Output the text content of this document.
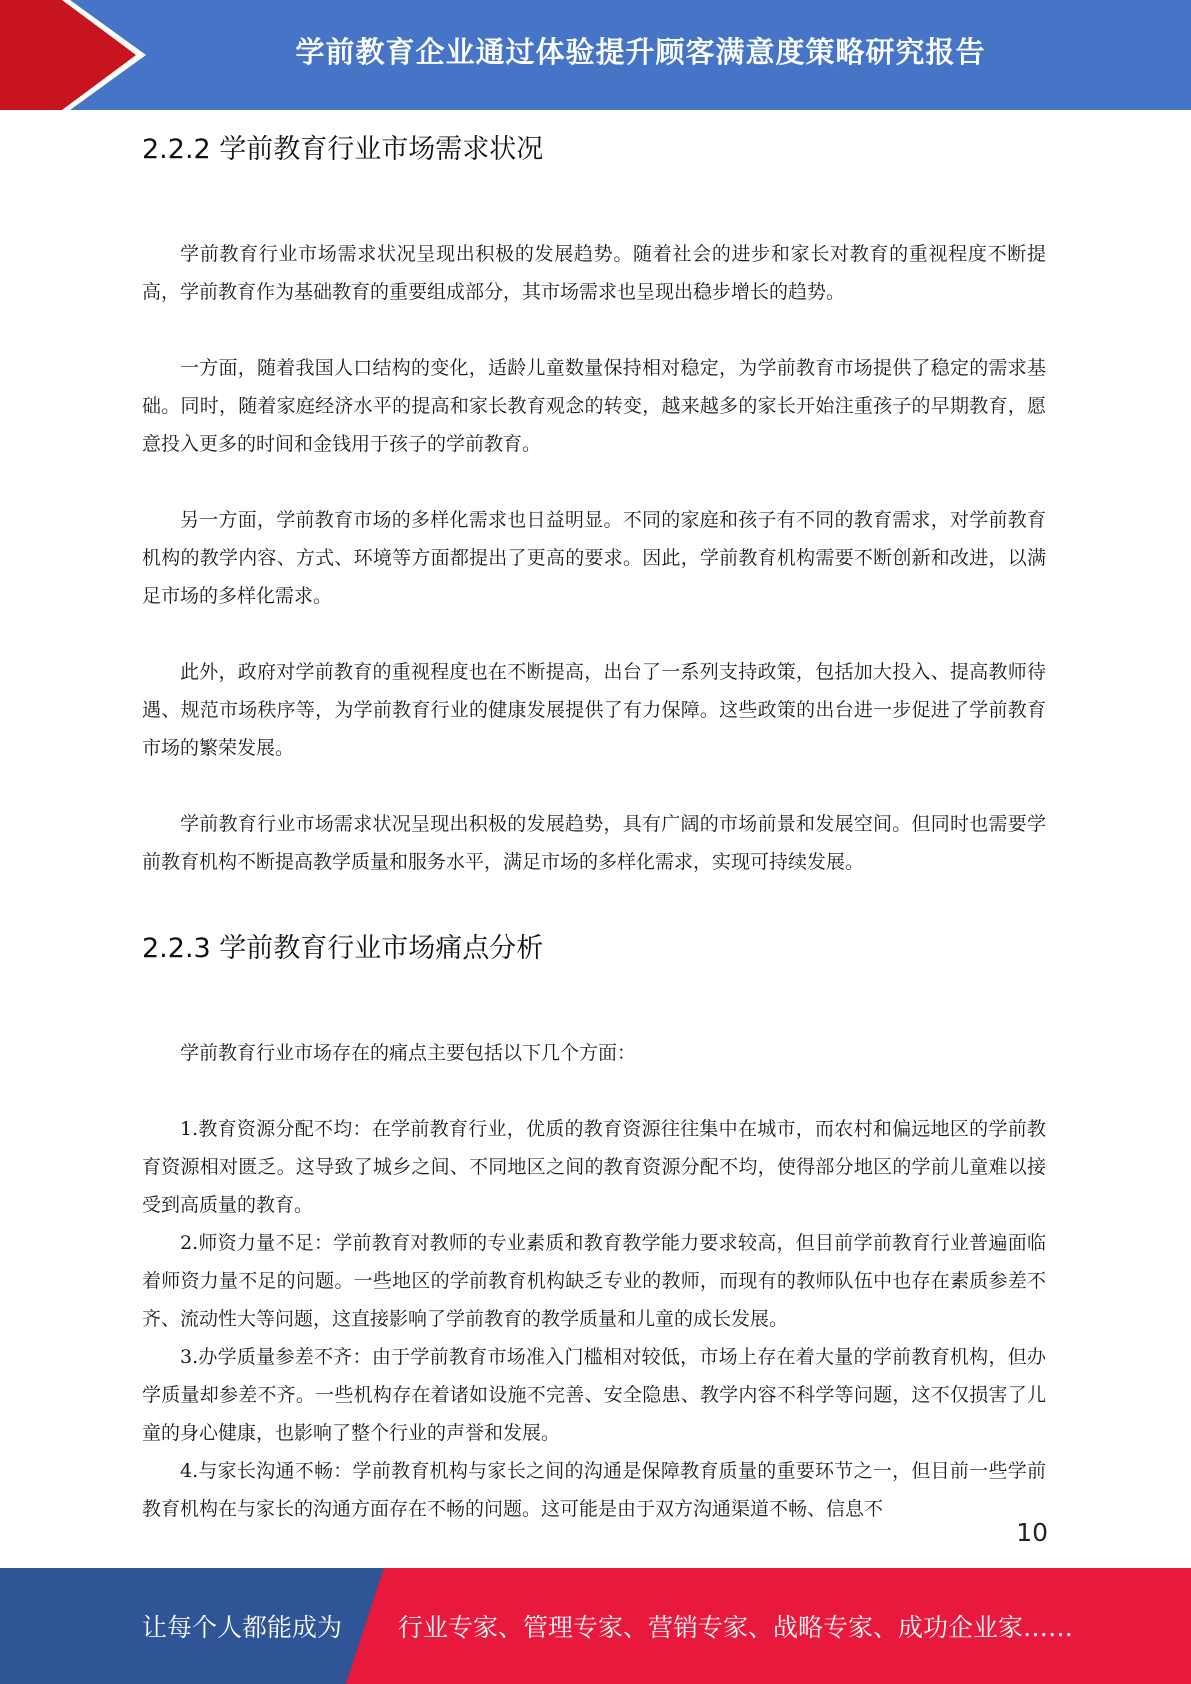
学前教育企业通过体验提升顾客满意度策略研究报告
2.2.2 学前教育行业市场需求状况

学前教育行业市场需求状况呈现出积极的发展趋势。随着社会的进步和家长对教育的重视程度不断提高，学前教育作为基础教育的重要组成部分，其市场需求也呈现出稳步增长的趋势。

一方面，随着我国人口结构的变化，适龄儿童数量保持相对稳定，为学前教育市场提供了稳定的需求基础。同时，随着家庭经济水平的提高和家长教育观念的转变，越来越多的家长开始注重孩子的早期教育，愿意投入更多的时间和金钱用于孩子的学前教育。

另一方面，学前教育市场的多样化需求也日益明显。不同的家庭和孩子有不同的教育需求，对学前教育机构的教学内容、方式、环境等方面都提出了更高的要求。因此，学前教育机构需要不断创新和改进，以满足市场的多样化需求。

此外，政府对学前教育的重视程度也在不断提高，出台了一系列支持政策，包括加大投入、提高教师待遇、规范市场秩序等，为学前教育行业的健康发展提供了有力保障。这些政策的出台进一步促进了学前教育市场的繁荣发展。

学前教育行业市场需求状况呈现出积极的发展趋势，具有广阔的市场前景和发展空间。但同时也需要学前教育机构不断提高教学质量和服务水平，满足市场的多样化需求，实现可持续发展。

2.2.3 学前教育行业市场痛点分析

学前教育行业市场存在的痛点主要包括以下几个方面：

1.教育资源分配不均：在学前教育行业，优质的教育资源往往集中在城市，而农村和偏远地区的学前教育资源相对匮乏。这导致了城乡之间、不同地区之间的教育资源分配不均，使得部分地区的学前儿童难以接受到高质量的教育。

2.师资力量不足：学前教育对教师的专业素质和教育教学能力要求较高，但目前学前教育行业普遍面临着师资力量不足的问题。一些地区的学前教育机构缺乏专业的教师，而现有的教师队伍中也存在素质参差不齐、流动性大等问题，这直接影响了学前教育的教学质量和儿童的成长发展。

3.办学质量参差不齐：由于学前教育市场准入门槛相对较低，市场上存在着大量的学前教育机构，但办学质量却参差不齐。一些机构存在着诸如设施不完善、安全隐患、教学内容不科学等问题，这不仅损害了儿童的身心健康，也影响了整个行业的声誉和发展。

4.与家长沟通不畅：学前教育机构与家长之间的沟通是保障教育质量的重要环节之一，但目前一些学前教育机构在与家长的沟通方面存在不畅的问题。这可能是由于双方沟通渠道不畅、信息不

10
让每个人都能成为 行业专家、管理专家、营销专家、战略专家、成功企业家……
